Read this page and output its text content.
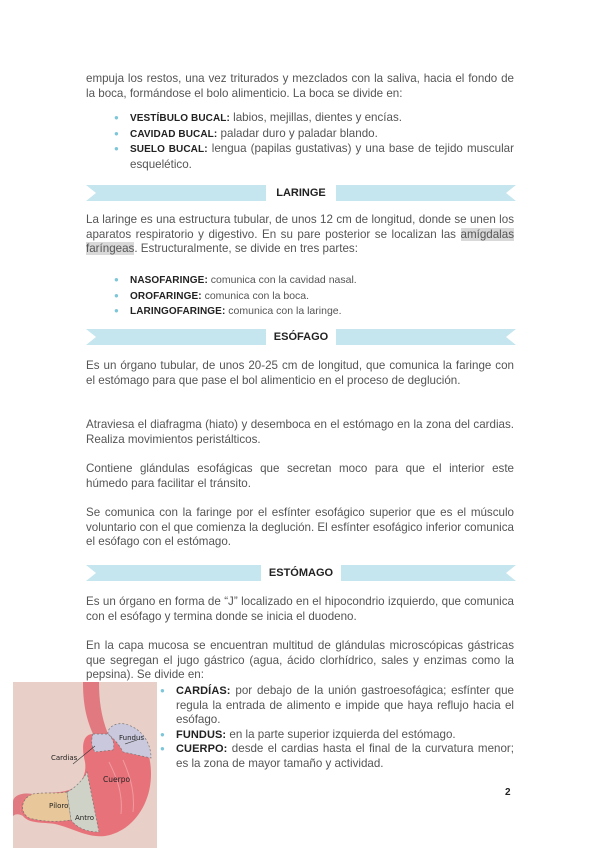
empuja los restos, una vez triturados y mezclados con la saliva, hacia el fondo de la boca, formándose el bolo alimenticio. La boca se divide en:

● VESTÍBULO BUCAL: labios, mejillas, dientes y encías.
● CAVIDAD BUCAL: paladar duro y paladar blando.
● SUELO BUCAL: lengua (papilas gustativas) y una base de tejido muscular esquelético.
LARINGE

La laringe es una estructura tubular, de unos 12 cm de longitud, donde se unen los aparatos respiratorio y digestivo. En su pare posterior se localizan las amígdalas faríngeas. Estructuralmente, se divide en tres partes:

● NASOFARINGE: comunica con la cavidad nasal.
● OROFARINGE: comunica con la boca.
● LARINGOFARINGE: comunica con la laringe.
ESÓFAGO

Es un órgano tubular, de unos 20-25 cm de longitud, que comunica la faringe con el estómago para que pase el bol alimenticio en el proceso de deglución.

Atraviesa el diafragma (hiato) y desemboca en el estómago en la zona del cardias. Realiza movimientos peristálticos.

Contiene glándulas esofágicas que secretan moco para que el interior este húmedo para facilitar el tránsito.

Se comunica con la faringe por el esfínter esofágico superior que es el músculo voluntario con el que comienza la deglución. El esfínter esofágico inferior comunica el esófago con el estómago.

ESTÓMAGO

Es un órgano en forma de “J” localizado en el hipocondrio izquierdo, que comunica con el esófago y termina donde se inicia el duodeno.

En la capa mucosa se encuentran multitud de glándulas microscópicas gástricas que segregan el jugo gástrico (agua, ácido clorhídrico, sales y enzimas como la pepsina). Se divide en:

● CARDÍAS: por debajo de la unión gastroesofágica; esfínter que regula la entrada de alimento e impide que haya reflujo hacia el esófago.
● FUNDUS: en la parte superior izquierda del estómago.
● CUERPO: desde el cardias hasta el final de la curvatura menor; es la zona de mayor tamaño y actividad.
Fundus
Cardias
Cuerpo
Píloro
Antro
2
